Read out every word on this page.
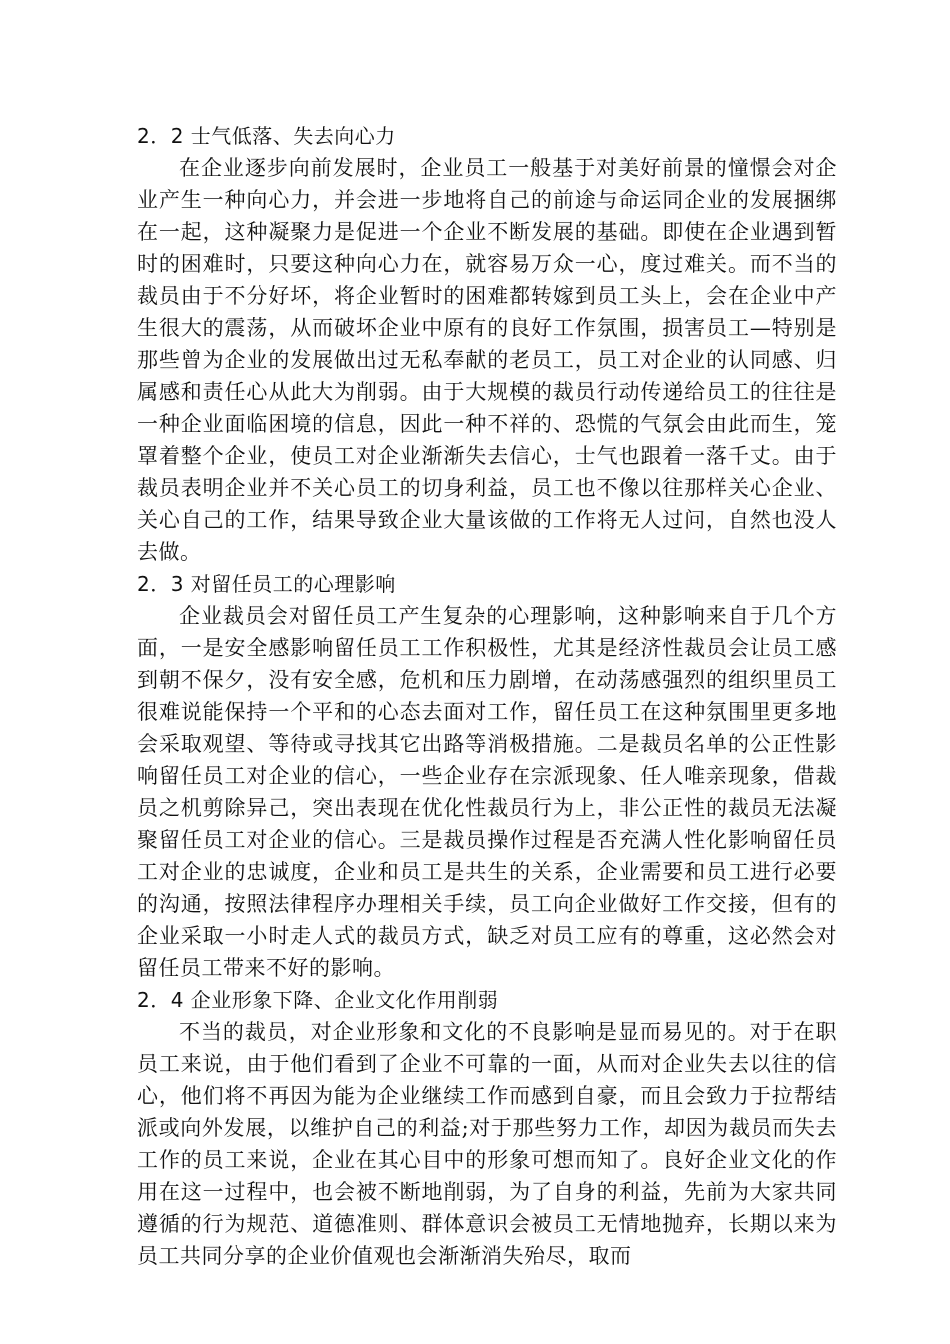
2．2 士气低落、失去向心力

在企业逐步向前发展时，企业员工一般基于对美好前景的憧憬会对企业产生一种向心力，并会进一步地将自己的前途与命运同企业的发展捆绑在一起，这种凝聚力是促进一个企业不断发展的基础。即使在企业遇到暂时的困难时，只要这种向心力在，就容易万众一心，度过难关。而不当的裁员由于不分好坏，将企业暂时的困难都转嫁到员工头上，会在企业中产生很大的震荡，从而破坏企业中原有的良好工作氛围，损害员工—特别是那些曾为企业的发展做出过无私奉献的老员工，员工对企业的认同感、归属感和责任心从此大为削弱。由于大规模的裁员行动传递给员工的往往是一种企业面临困境的信息，因此一种不祥的、恐慌的气氛会由此而生，笼罩着整个企业，使员工对企业渐渐失去信心，士气也跟着一落千丈。由于裁员表明企业并不关心员工的切身利益，员工也不像以往那样关心企业、关心自己的工作，结果导致企业大量该做的工作将无人过问，自然也没人去做。

2．3 对留任员工的心理影响

企业裁员会对留任员工产生复杂的心理影响，这种影响来自于几个方面，一是安全感影响留任员工工作积极性，尤其是经济性裁员会让员工感到朝不保夕，没有安全感，危机和压力剧增，在动荡感强烈的组织里员工很难说能保持一个平和的心态去面对工作，留任员工在这种氛围里更多地会采取观望、等待或寻找其它出路等消极措施。二是裁员名单的公正性影响留任员工对企业的信心，一些企业存在宗派现象、任人唯亲现象，借裁员之机剪除异己，突出表现在优化性裁员行为上，非公正性的裁员无法凝聚留任员工对企业的信心。三是裁员操作过程是否充满人性化影响留任员工对企业的忠诚度，企业和员工是共生的关系，企业需要和员工进行必要的沟通，按照法律程序办理相关手续，员工向企业做好工作交接，但有的企业采取一小时走人式的裁员方式，缺乏对员工应有的尊重，这必然会对留任员工带来不好的影响。

2．4 企业形象下降、企业文化作用削弱

不当的裁员，对企业形象和文化的不良影响是显而易见的。对于在职员工来说，由于他们看到了企业不可靠的一面，从而对企业失去以往的信心，他们将不再因为能为企业继续工作而感到自豪，而且会致力于拉帮结派或向外发展，以维护自己的利益;对于那些努力工作，却因为裁员而失去工作的员工来说，企业在其心目中的形象可想而知了。良好企业文化的作用在这一过程中，也会被不断地削弱，为了自身的利益，先前为大家共同遵循的行为规范、道德准则、群体意识会被员工无情地抛弃，长期以来为员工共同分享的企业价值观也会渐渐消失殆尽，取而
